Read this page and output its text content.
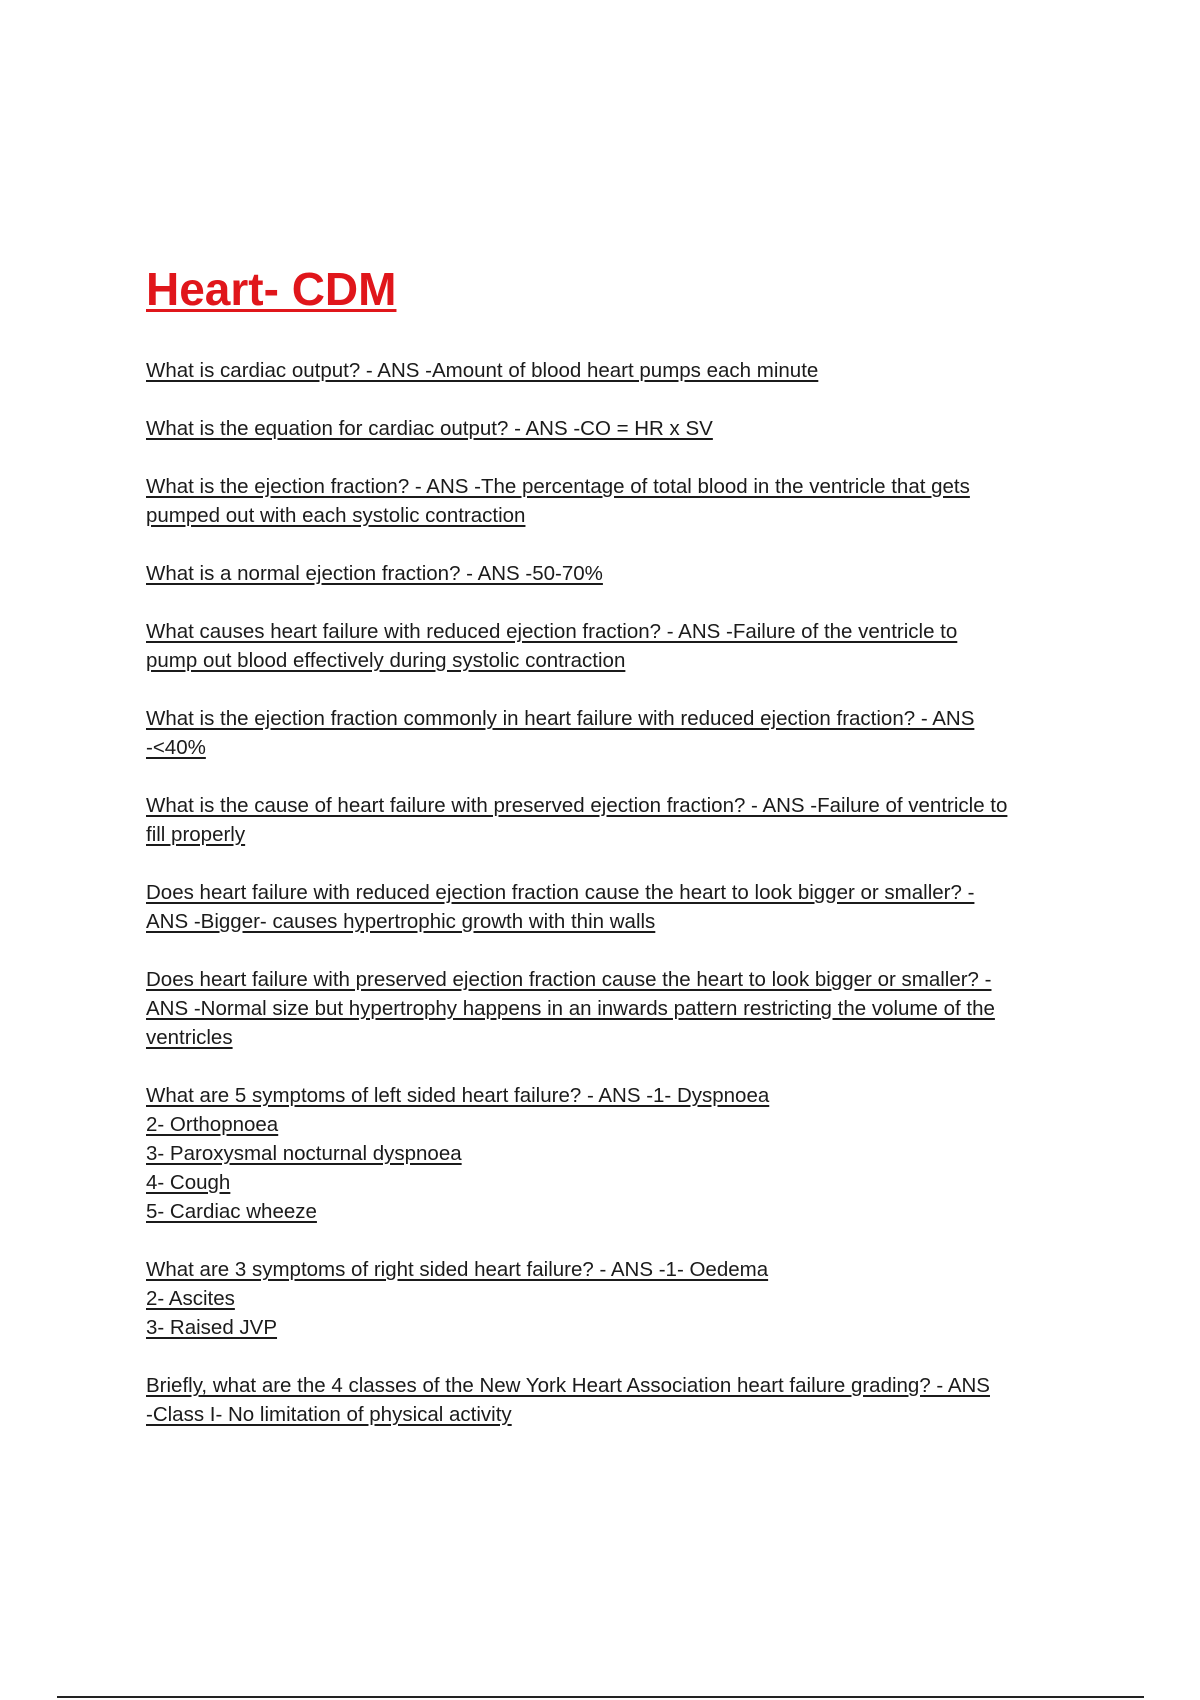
Heart- CDM
What is cardiac output? - ANS -Amount of blood heart pumps each minute
What is the equation for cardiac output? - ANS -CO = HR x SV
What is the ejection fraction? - ANS -The percentage of total blood in the ventricle that gets
pumped out with each systolic contraction
What is a normal ejection fraction? - ANS -50-70%
What causes heart failure with reduced ejection fraction? - ANS -Failure of the ventricle to
pump out blood effectively during systolic contraction
What is the ejection fraction commonly in heart failure with reduced ejection fraction? - ANS
-<40%
What is the cause of heart failure with preserved ejection fraction? - ANS -Failure of ventricle to
fill properly
Does heart failure with reduced ejection fraction cause the heart to look bigger or smaller? -
ANS -Bigger- causes hypertrophic growth with thin walls
Does heart failure with preserved ejection fraction cause the heart to look bigger or smaller? -
ANS -Normal size but hypertrophy happens in an inwards pattern restricting the volume of the
ventricles
What are 5 symptoms of left sided heart failure? - ANS -1- Dyspnoea
2- Orthopnoea
3- Paroxysmal nocturnal dyspnoea
4- Cough
5- Cardiac wheeze
What are 3 symptoms of right sided heart failure? - ANS -1- Oedema
2- Ascites
3- Raised JVP
Briefly, what are the 4 classes of the New York Heart Association heart failure grading? - ANS
-Class I- No limitation of physical activity
